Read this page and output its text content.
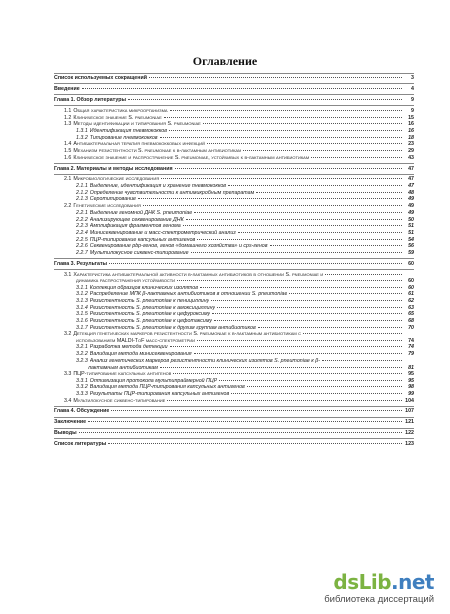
Оглавление
Список используемых сокращений	3
Введение	4
Глава 1. Обзор литературы	9
1.1 Общая характеристика микроорганизма	9
1.2 Клиническое значение S. pneumoniae	15
1.3 Методы идентификации и типирования S. pneumoniae	16
1.3.1 Идентификация пневмококков	16
1.3.2 Типирование пневмококков	18
1.4 Антибактериальная терапия пневмококковых инфекций	23
1.5 Механизм резистентности S. pneumoniae к β-лактамным антибиотикам	29
1.6 Клиническое значение и распространение S. pneumoniae, устойчивых к β-лактамным антибиотикам	43
Глава 2. Материалы и методы исследования	47
2.1 Микробиологические исследования	47
2.1.1 Выделение, идентификация и хранение пневмококков	47
2.1.2 Определение чувствительности к антимикробным препаратам	48
2.1.3 Серотипирование	49
2.2 Генетические исследования	49
2.2.1 Выделение геномной ДНК S. pneumoniae	49
2.2.2 Анализирующее секвенирование ДНК	50
2.2.3 Амплификация фрагментов генома	51
2.2.4 Минисеквенирование и масс-спектрометрический анализ	51
2.2.5 ПЦР-типирование капсульных антигенов	54
2.2.6 Секвенирование pbp-генов, генов «домашнего хозяйства» и cps-генов	56
2.2.7 Мультилокусное сиквенс-типирование	59
Глава 3. Результаты	60
3.1 Характеристика антибактериальной активности β-лактамных антибиотиков в отношении S. pneumoniae и
динамика распространения устойчивости	60
3.1.1 Коллекция образцов клинических изолятов	60
3.1.2 Распределение МПК β-лактамных антибиотиков в отношении S. pneumoniae	61
3.1.3 Резистентность S. pneumoniae к пенициллину	62
3.1.4 Резистентность S. pneumoniae к амоксициллину	63
3.1.5 Резистентность S. pneumoniae к цефуроксиму	65
3.1.6 Резистентность S. pneumoniae к цефотаксиму	68
3.1.7 Резистентность S. pneumoniae к другим группам антибиотиков	70
3.2 Детекция генетических маркеров резистентности S. pneumoniae к β-лактамным антибиотикам с
использованием MALDI-ToF масс-спектрометрии	74
3.2.1 Разработка метода детекции	74
3.2.2 Валидация метода минисеквенирования	79
3.2.3 Анализ генетических маркеров резистентности клинических изолятов S. pneumoniae к β-
лактамным антибиотикам	81
3.3 ПЦР-типирование капсульных антигенов	95
3.3.1 Оптимизация протокола мультипраймерной ПЦР	95
3.3.2 Валидация метода ПЦР-типирования капсульных антигенов	98
3.3.3 Результаты ПЦР-типирования капсульных антигенов	99
3.4 Мультилокусное сиквенс-типирование	104
Глава 4. Обсуждение	107
Заключение	121
Выводы	122
Список литературы	123
dsLib.net
библиотека диссертаций
